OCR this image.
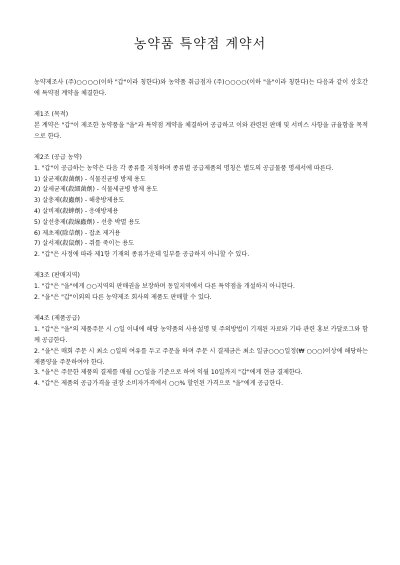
농약품 특약점 계약서

농약제조사 (주)○○○○(이하 "갑"이라 칭한다)와 농약품 취급점자 (주)○○○○(이하 "을"이라 칭한다)는 다음과 같이 상호간에 특약점 계약을 체결한다.

제1조 (목적)

본 계약은 "갑"이 제조한 농약품을 "을"과 특약점 계약을 체결하여 공급하고 이와 관련된 판매 및 서비스 사항을 규율함을 목적으로 한다.

제2조 (공급 농약)

1. "갑"이 공급하는 농약은 다음 각 종류를 지칭하며 종류별 공급제품의 명칭은 별도의 공급물품 명세서에 따른다.

1) 살균제(殺菌劑) - 식물진균병 방제 용도
2) 살세균제(殺細菌劑) - 식물세균병 방제 용도
3) 살충제(殺蟲劑) - 해충방제용도
4) 살비제(殺蜱劑) - 응애방제용
5) 살선충제(殺線蟲劑) - 선충 박멸 용도
6) 제초제(除草劑) - 잡초 제거용
7) 살서제(殺鼠劑) - 쥐를 죽이는 용도

2. "갑"은 사정에 따라 제1항 기재의 종류가운데 일부를 공급하지 아니할 수 있다.

제3조 (판매지역)

1. "갑"은 "을"에게 ○○지역의 판매권을 보장하며 동일지역에서 다른 특약점을 개설하지 아니한다.

2. "을"은 "갑"이외의 다른 농약제조 회사의 제품도 판매할 수 있다.

제4조 (제품공급)

1. "갑"은 "을"의 제품주문 시 ○일 이내에 해당 농약품의 사용설명 및 주의방법이 기재된 자료와 기타 관련 홍보 카달로그와 함께 공급한다.

2. "을"은 매회 주문 시 최소 ○일의 여유를 두고 주문을 하며 주문 시 결제금은 최소 일금○○○일정(₩ ○○○)이상에 해당하는 제품양을 주문하여야 한다.

3. "을"은 주문한 제품의 결제를 매월 ○○일을 기준으로 하여 익월 10일까지 "갑"에게 현금 결제한다.

4. "갑"은 제품의 공급가격을 권장 소비자가격에서 ○○% 할인된 가격으로 "을"에게 공급한다.
